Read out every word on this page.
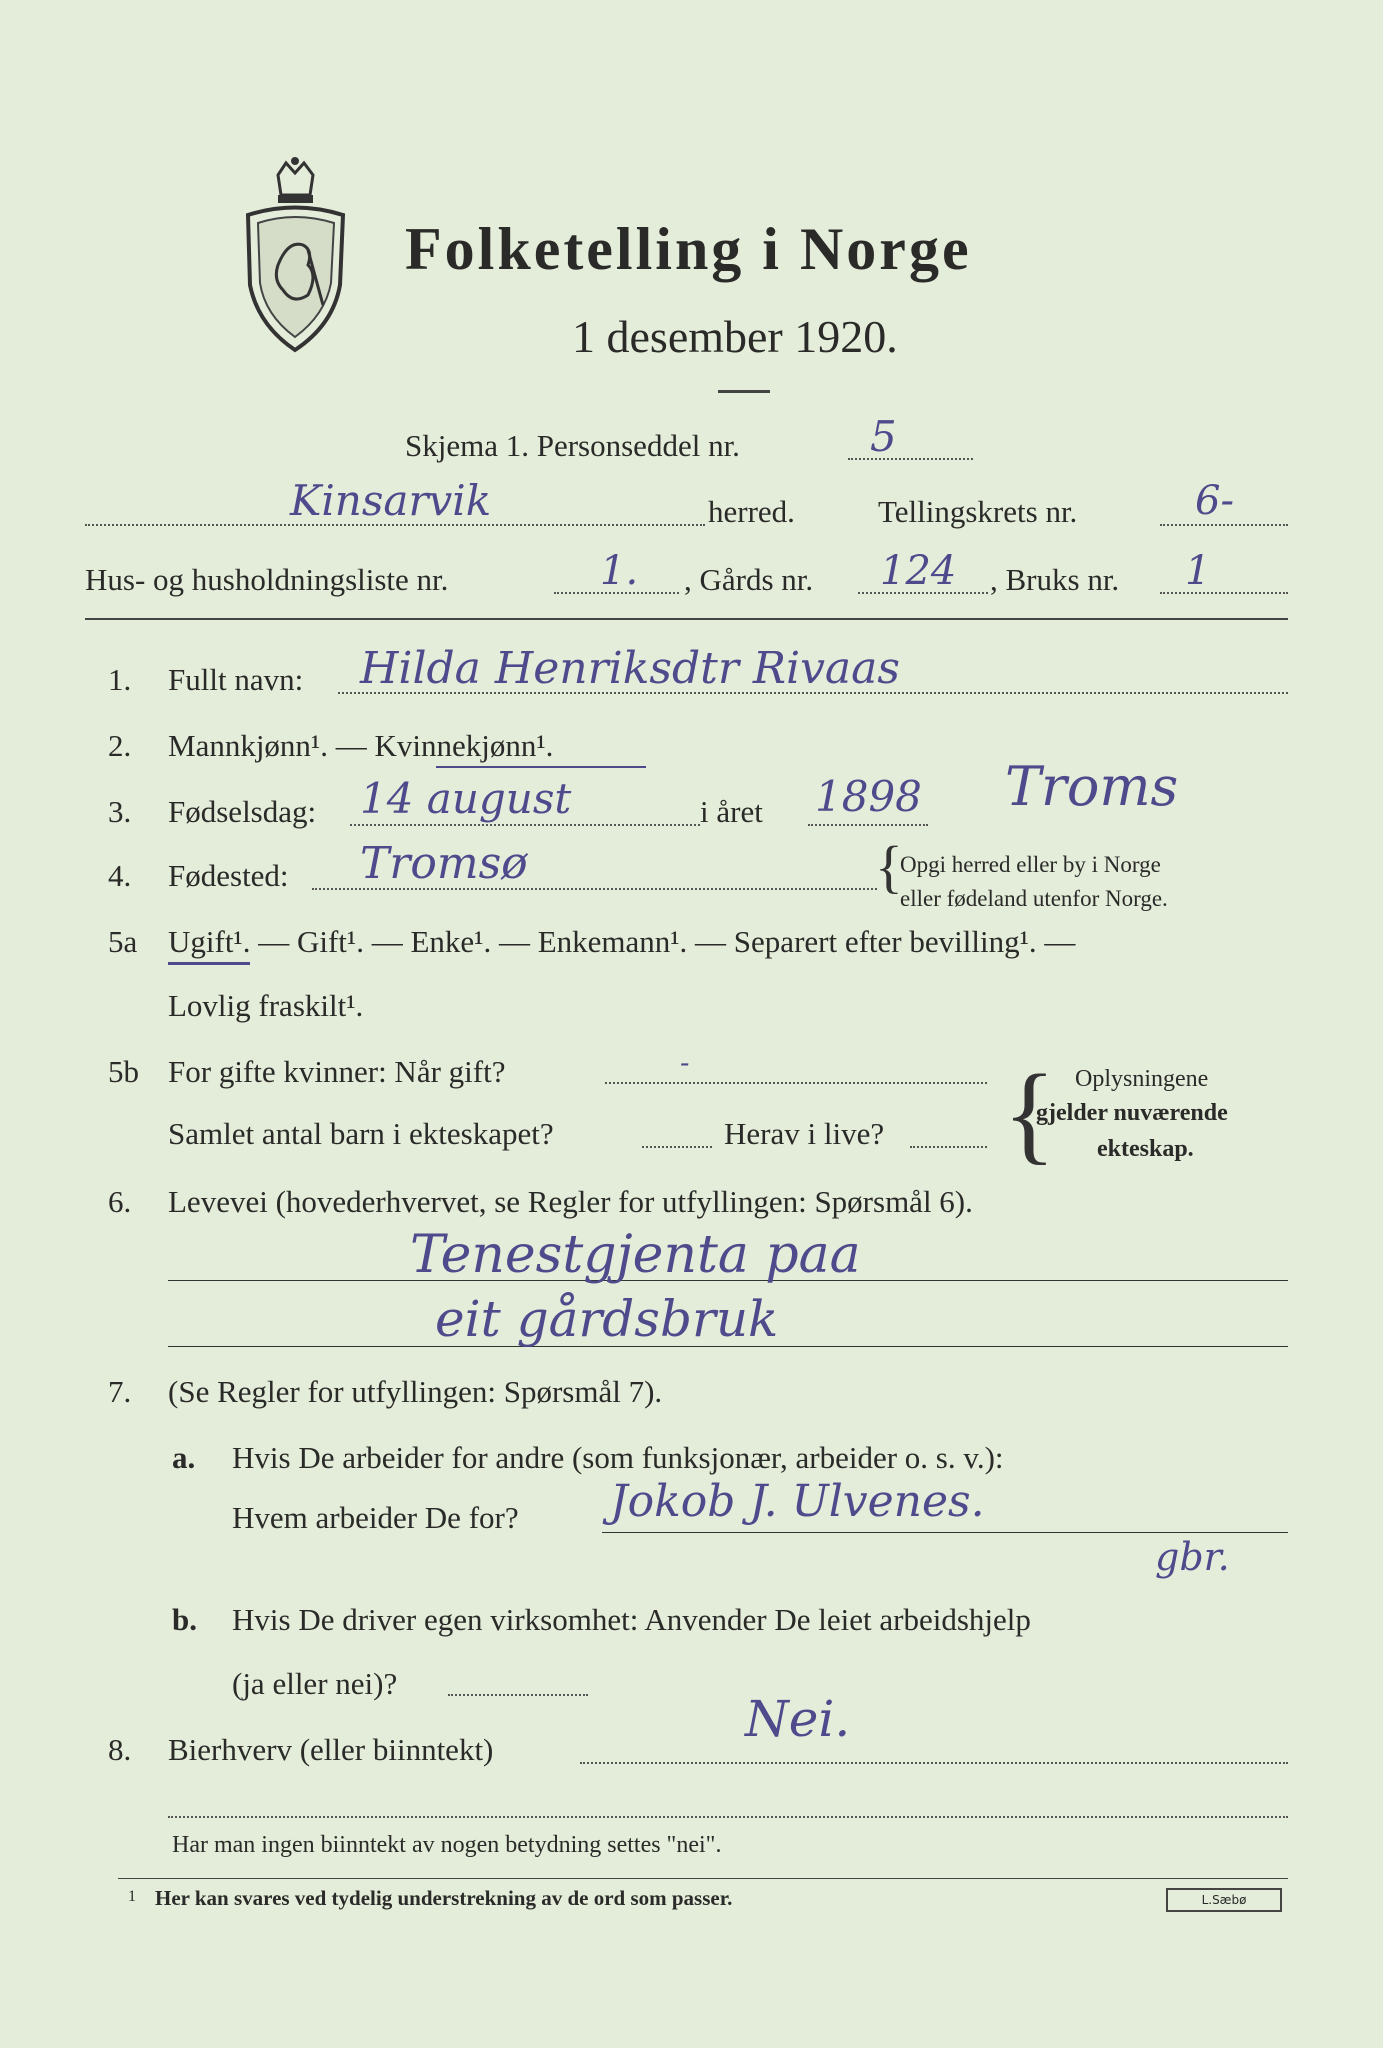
Folketelling i Norge
1 desember 1920.
Skjema 1. Personseddel nr.	5
Kinsarvik	herred.	Tellingskrets nr.	6-
Hus- og husholdningsliste nr.	1. , Gårds nr. 124 , Bruks nr. 1
1.	Fullt navn: Hilda Henriksdtr Rivaas
2.	Mannkjønn¹. — Kvinnekjønn¹.
3.	Fødselsdag: 14 august	i året 1898 Troms
4.	Fødested: Tromsø	{
Opgi herred eller by i Norge
eller fødeland utenfor Norge.
5a Ugift¹. — Gift¹. — Enke¹. — Enkemann¹. — Separert efter bevilling¹. —
Lovlig fraskilt¹.
5b For gifte kvinner: Når gift?	-
Samlet antal barn i ekteskapet?	Herav i live? { Oplysningene
gjelder nuværende
ekteskap.
6.	Levevei (hovederhvervet, se Regler for utfyllingen: Spørsmål 6).
Tenestgjenta paa
eit gårdsbruk
7.	(Se Regler for utfyllingen: Spørsmål 7).
a. Hvis De arbeider for andre (som funksjonær, arbeider o. s. v.):
Hvem arbeider De for? Jokob J. Ulvenes.
gbr.
b. Hvis De driver egen virksomhet: Anvender De leiet arbeidshjelp
(ja eller nei)?
8.	Bierhverv (eller biinntekt)
Nei.
Har man ingen biinntekt av nogen betydning settes "nei".
1 Her kan svares ved tydelig understrekning av de ord som passer.	L.Sæbø
